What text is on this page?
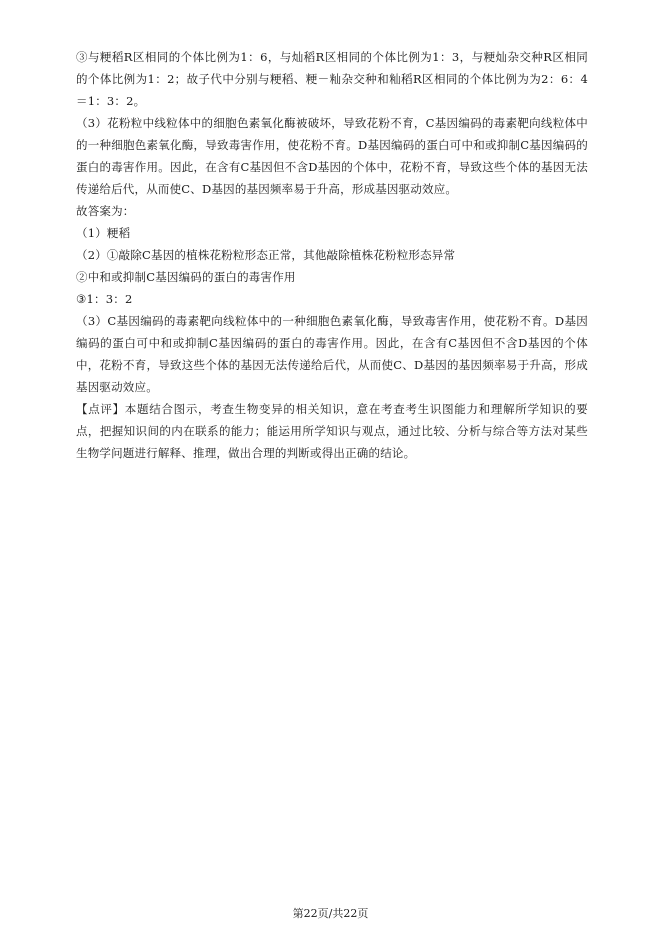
③与粳稻R区相同的个体比例为1：6，与灿稻R区相同的个体比例为1：3，与粳灿杂交种R区相同的个体比例为1：2；故子代中分别与粳稻、粳－籼杂交种和籼稻R区相同的个体比例为为2：6：4＝1：3：2。

（3）花粉粒中线粒体中的细胞色素氧化酶被破坏，导致花粉不育，C基因编码的毒素靶向线粒体中的一种细胞色素氧化酶，导致毒害作用，使花粉不育。D基因编码的蛋白可中和或抑制C基因编码的蛋白的毒害作用。因此，在含有C基因但不含D基因的个体中，花粉不育，导致这些个体的基因无法传递给后代，从而使C、D基因的基因频率易于升高，形成基因驱动效应。

故答案为：

（1）粳稻

（2）①敲除C基因的植株花粉粒形态正常，其他敲除植株花粉粒形态异常

②中和或抑制C基因编码的蛋白的毒害作用

③1：3：2

（3）C基因编码的毒素靶向线粒体中的一种细胞色素氧化酶，导致毒害作用，使花粉不育。D基因编码的蛋白可中和或抑制C基因编码的蛋白的毒害作用。因此，在含有C基因但不含D基因的个体中，花粉不育，导致这些个体的基因无法传递给后代，从而使C、D基因的基因频率易于升高，形成基因驱动效应。

【点评】本题结合图示，考查生物变异的相关知识，意在考查考生识图能力和理解所学知识的要点，把握知识间的内在联系的能力；能运用所学知识与观点，通过比较、分析与综合等方法对某些生物学问题进行解释、推理，做出合理的判断或得出正确的结论。

第22页/共22页
